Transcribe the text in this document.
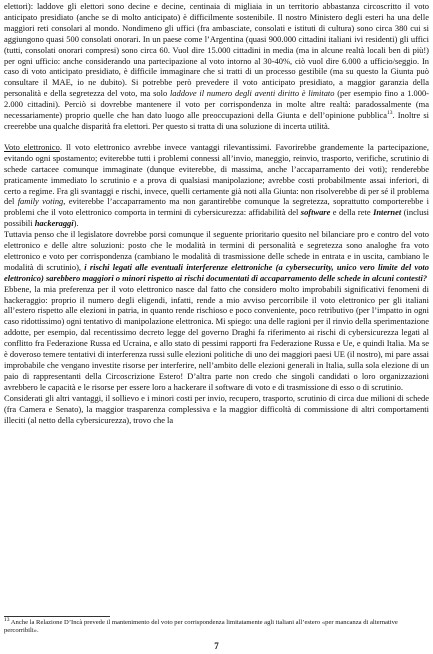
elettori): laddove gli elettori sono decine e decine, centinaia di migliaia in un territorio abbastanza circoscritto il voto anticipato presidiato (anche se di molto anticipato) è difficilmente sostenibile. Il nostro Ministero degli esteri ha una delle maggiori reti consolari al mondo. Nondimeno gli uffici (fra ambasciate, consolati e istituti di cultura) sono circa 380 cui si aggiungono quasi 500 consolati onorari. In un paese come l’Argentina (quasi 900.000 cittadini italiani ivi residenti) gli uffici (tutti, consolati onorari compresi) sono circa 60. Vuol dire 15.000 cittadini in media (ma in alcune realtà locali ben di più!) per ogni ufficio: anche considerando una partecipazione al voto intorno al 30-40%, ciò vuol dire 6.000 a ufficio/seggio. In caso di voto anticipato presidiato, è difficile immaginare che si tratti di un processo gestibile (ma su questo la Giunta può consultare il MAE, io ne dubito). Si potrebbe però prevedere il voto anticipato presidiato, a maggior garanzia della personalità e della segretezza del voto, ma solo laddove il numero degli aventi diritto è limitato (per esempio fino a 1.000-2.000 cittadini). Perciò si dovrebbe mantenere il voto per corrispondenza in molte altre realtà: paradossalmente (ma necessariamente) proprio quelle che han dato luogo alle preoccupazioni della Giunta e dell’opinione pubblica$^{13}$. Inoltre si creerebbe una qualche disparità fra elettori. Per questo si tratta di una soluzione di incerta utilità.

Voto elettronico. Il voto elettronico avrebbe invece vantaggi rilevantissimi. Favorirebbe grandemente la partecipazione, evitando ogni spostamento; eviterebbe tutti i problemi connessi all’invio, maneggio, reinvio, trasporto, verifiche, scrutinio di schede cartacee comunque immaginate (dunque eviterebbe, di massima, anche l’accaparramento dei voti); renderebbe praticamente immediato lo scrutinio e a prova di qualsiasi manipolazione; avrebbe costi probabilmente assai inferiori, di certo a regime. Fra gli svantaggi e rischi, invece, quelli certamente già noti alla Giunta: non risolverebbe di per sé il problema del family voting, eviterebbe l’accaparramento ma non garantirebbe comunque la segretezza, soprattutto comporterebbe i problemi che il voto elettronico comporta in termini di cybersicurezza: affidabilità del software e della rete Internet (inclusi possibili hackeraggi).

Tuttavia penso che il legislatore dovrebbe porsi comunque il seguente prioritario quesito nel bilanciare pro e contro del voto elettronico e delle altre soluzioni: posto che le modalità in termini di personalità e segretezza sono analoghe fra voto elettronico e voto per corrispondenza (cambiano le modalità di trasmissione delle schede in entrata e in uscita, cambiano le modalità di scrutinio), i rischi legati alle eventuali interferenze elettroniche (a cybersecurity, unico vero limite del voto elettronico) sarebbero maggiori o minori rispetto ai rischi documentati di accaparramento delle schede in alcuni contesti?

Ebbene, la mia preferenza per il voto elettronico nasce dal fatto che considero molto improbabili significativi fenomeni di hackeraggio: proprio il numero degli eligendi, infatti, rende a mio avviso percorribile il voto elettronico per gli italiani all’estero rispetto alle elezioni in patria, in quanto rende rischioso e poco conveniente, poco retributivo (per l’impatto in ogni caso ridottissimo) ogni tentativo di manipolazione elettronica. Mi spiego: una delle ragioni per il rinvio della sperimentazione addotte, per esempio, dal recentissimo decreto legge del governo Draghi fa riferimento ai rischi di cybersicurezza legati al conflitto fra Federazione Russa ed Ucraina, e allo stato di pessimi rapporti fra Federazione Russa e Ue, e quindi Italia. Ma se è doveroso temere tentativi di interferenza russi sulle elezioni politiche di uno dei maggiori paesi UE (il nostro), mi pare assai improbabile che vengano investite risorse per interferire, nell’ambito delle elezioni generali in Italia, sulla sola elezione di un paio di rappresentanti della Circoscrizione Estero! D’altra parte non credo che singoli candidati o loro organizzazioni avrebbero le capacità e le risorse per essere loro a hackerare il software di voto e di trasmissione di esso o di scrutinio.

Considerati gli altri vantaggi, il sollievo e i minori costi per invio, recupero, trasporto, scrutinio di circa due milioni di schede (fra Camera e Senato), la maggior trasparenza complessiva e la maggior difficoltà di commissione di altri comportamenti illeciti (al netto della cybersicurezza), trovo che la

$^{13}$ Anche la Relazione D’Incà prevede il mantenimento del voto per corrispondenza limitatamente agli italiani all’estero «per mancanza di alternative percorribili».
7
